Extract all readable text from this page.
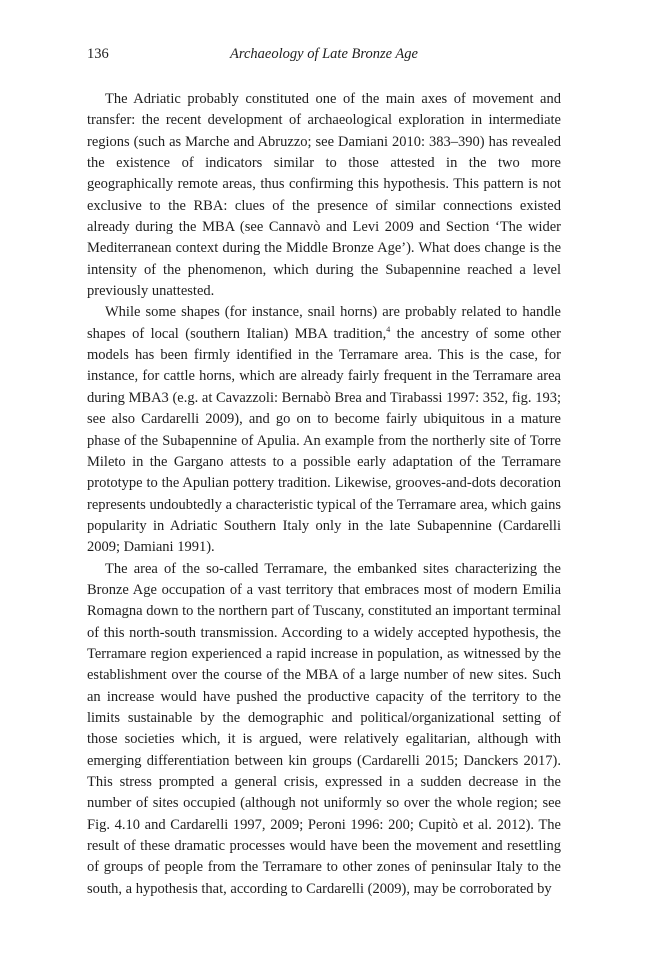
136	Archaeology of Late Bronze Age

The Adriatic probably constituted one of the main axes of movement and transfer: the recent development of archaeological exploration in intermediate regions (such as Marche and Abruzzo; see Damiani 2010: 383–390) has revealed the existence of indicators similar to those attested in the two more geographically remote areas, thus confirming this hypothesis. This pattern is not exclusive to the RBA: clues of the presence of similar connections existed already during the MBA (see Cannavò and Levi 2009 and Section ‘The wider Mediterranean context during the Middle Bronze Age’). What does change is the intensity of the phenomenon, which during the Subapennine reached a level previously unattested.

While some shapes (for instance, snail horns) are probably related to handle shapes of local (southern Italian) MBA tradition,$^4$ the ancestry of some other models has been firmly identified in the Terramare area. This is the case, for instance, for cattle horns, which are already fairly frequent in the Terramare area during MBA3 (e.g. at Cavazzoli: Bernabò Brea and Tirabassi 1997: 352, fig. 193; see also Cardarelli 2009), and go on to become fairly ubiquitous in a mature phase of the Subapennine of Apulia. An example from the northerly site of Torre Mileto in the Gargano attests to a possible early adaptation of the Terramare prototype to the Apulian pottery tradition. Likewise, grooves-and-dots decoration represents undoubtedly a characteristic typical of the Terramare area, which gains popularity in Adriatic Southern Italy only in the late Subapennine (Cardarelli 2009; Damiani 1991).

The area of the so-called Terramare, the embanked sites characterizing the Bronze Age occupation of a vast territory that embraces most of modern Emilia Romagna down to the northern part of Tuscany, constituted an important terminal of this north-south transmission. According to a widely accepted hypothesis, the Terramare region experienced a rapid increase in population, as witnessed by the establishment over the course of the MBA of a large number of new sites. Such an increase would have pushed the productive capacity of the territory to the limits sustainable by the demographic and political/organizational setting of those societies which, it is argued, were relatively egalitarian, although with emerging differentiation between kin groups (Cardarelli 2015; Danckers 2017). This stress prompted a general crisis, expressed in a sudden decrease in the number of sites occupied (although not uniformly so over the whole region; see Fig. 4.10 and Cardarelli 1997, 2009; Peroni 1996: 200; Cupitò et al. 2012). The result of these dramatic processes would have been the movement and resettling of groups of people from the Terramare to other zones of peninsular Italy to the south, a hypothesis that, according to Cardarelli (2009), may be corroborated by
